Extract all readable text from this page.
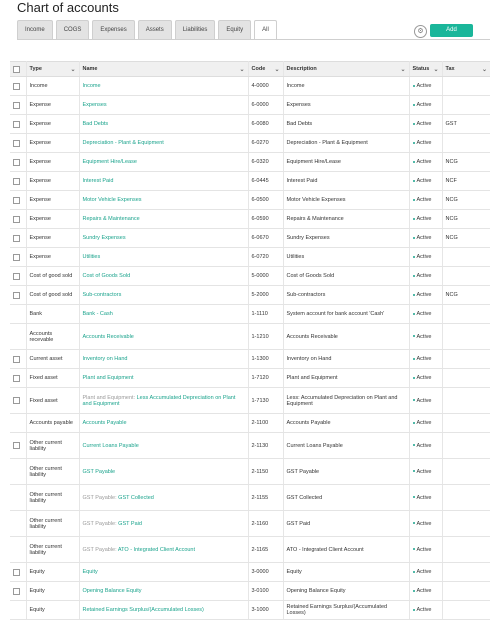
Chart of accounts
Income	COGS	Expenses	Assets	Liabilities	Equity	All	⚙	Add
	Type ⌄	Name ⌄	Code ⌄	Description ⌄	Status ⌄	Tax ⌄

	Income	Income	4-0000	Income	Active	
	Expense	Expenses	6-0000	Expenses	Active	
	Expense	Bad Debts	6-0080	Bad Debts	Active	GST
	Expense	Depreciation - Plant & Equipment	6-0270	Depreciation - Plant & Equipment	Active	
	Expense	Equipment Hire/Lease	6-0320	Equipment Hire/Lease	Active	NCG
	Expense	Interest Paid	6-0445	Interest Paid	Active	NCF
	Expense	Motor Vehicle Expenses	6-0500	Motor Vehicle Expenses	Active	NCG
	Expense	Repairs & Maintenance	6-0590	Repairs & Maintenance	Active	NCG
	Expense	Sundry Expenses	6-0670	Sundry Expenses	Active	NCG
	Expense	Utilities	6-0720	Utilities	Active	
	Cost of good sold	Cost of Goods Sold	5-0000	Cost of Goods Sold	Active	
	Cost of good sold	Sub-contractors	5-2000	Sub-contractors	Active	NCG
	Bank	Bank - Cash	1-1110	System account for bank account 'Cash'	Active	
	Accounts recevable	Accounts Receivable	1-1210	Accounts Receivable	Active	
	Current asset	Inventory on Hand	1-1300	Inventory on Hand	Active	
	Fixed asset	Plant and Equipment	1-7120	Plant and Equipment	Active	
	Fixed asset	Plant and Equipment: Less Accumulated Depreciation on Plant and Equipment	1-7130	Less: Accumulated Depreciation on Plant and Equipment	Active	
	Accounts payable	Accounts Payable	2-1100	Accounts Payable	Active	
	Other current liability	Current Loans Payable	2-1130	Current Loans Payable	Active	
	Other current liability	GST Payable	2-1150	GST Payable	Active	
	Other current liability	GST Payable: GST Collected	2-1155	GST Collected	Active	
	Other current liability	GST Payable: GST Paid	2-1160	GST Paid	Active	
	Other current liability	GST Payable: ATO - Integrated Client Account	2-1165	ATO - Integrated Client Account	Active	
	Equity	Equity	3-0000	Equity	Active	
	Equity	Opening Balance Equity	3-0100	Opening Balance Equity	Active	
	Equity	Retained Earnings Surplus/(Accumulated Losses)	3-1000	Retained Earnings Surplus/(Accumulated Losses)	Active	
